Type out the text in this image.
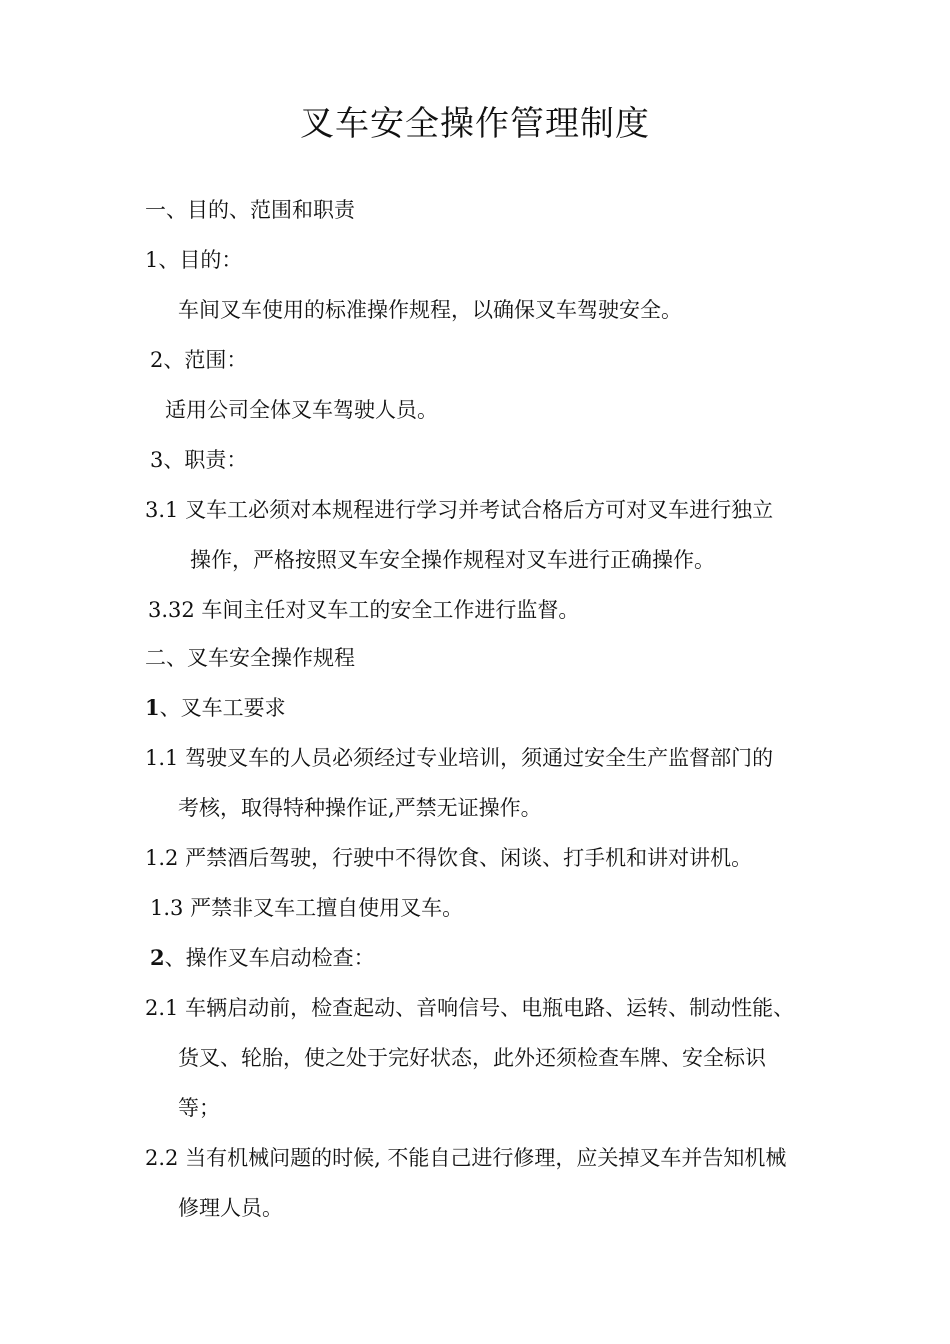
叉车安全操作管理制度
一、目的、范围和职责
1、目的：
车间叉车使用的标准操作规程，以确保叉车驾驶安全。
2、范围：
适用公司全体叉车驾驶人员。
3、职责：
3.1 叉车工必须对本规程进行学习并考试合格后方可对叉车进行独立
操作，严格按照叉车安全操作规程对叉车进行正确操作。
3.32 车间主任对叉车工的安全工作进行监督。
二、叉车安全操作规程
1、叉车工要求
1.1 驾驶叉车的人员必须经过专业培训，须通过安全生产监督部门的
考核，取得特种操作证,严禁无证操作。
1.2 严禁酒后驾驶，行驶中不得饮食、闲谈、打手机和讲对讲机。
1.3 严禁非叉车工擅自使用叉车。
2、操作叉车启动检查：
2.1 车辆启动前，检查起动、音响信号、电瓶电路、运转、制动性能、
货叉、轮胎，使之处于完好状态，此外还须检查车牌、安全标识
等；
2.2 当有机械问题的时候, 不能自己进行修理，应关掉叉车并告知机械
修理人员。
